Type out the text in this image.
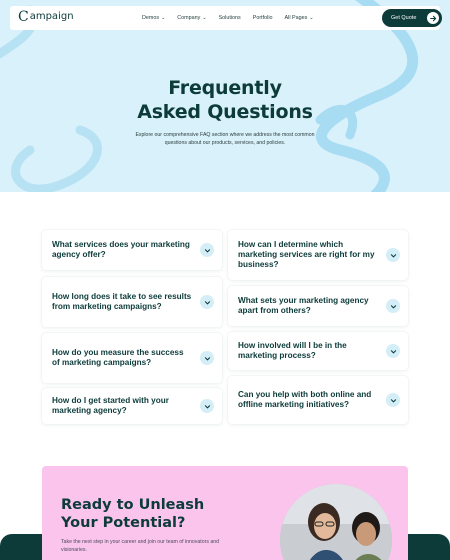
C ampaign	Demos ⌄ Company ⌄ Solutions Portfolio All Pages ⌄	Get Quote
Frequently
Asked Questions
Explore our comprehensive FAQ section where we address the most common questions about our products, services, and policies.
What services does your marketing agency offer?
How long does it take to see results from marketing campaigns?
How do you measure the success of marketing campaigns?
How do I get started with your marketing agency?
How can I determine which marketing services are right for my business?
What sets your marketing agency apart from others?
How involved will I be in the marketing process?
Can you help with both online and offline marketing initiatives?
Ready to Unleash
Your Potential?
Take the next step in your career and join our team of innovators and visionaries.
